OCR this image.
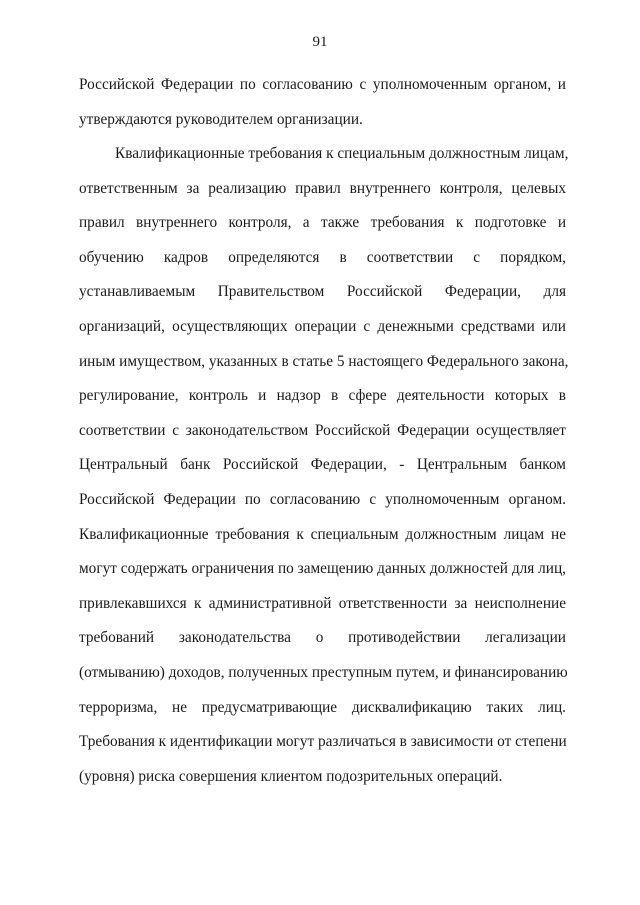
91
Российской Федерации по согласованию с уполномоченным органом, и
утверждаются руководителем организации.
Квалификационные требования к специальным должностным лицам,
ответственным за реализацию правил внутреннего контроля, целевых
правил внутреннего контроля, а также требования к подготовке и
обучению кадров определяются в соответствии с порядком,
устанавливаемым Правительством Российской Федерации, для
организаций, осуществляющих операции с денежными средствами или
иным имуществом, указанных в статье 5 настоящего Федерального закона,
регулирование, контроль и надзор в сфере деятельности которых в
соответствии с законодательством Российской Федерации осуществляет
Центральный банк Российской Федерации, - Центральным банком
Российской Федерации по согласованию с уполномоченным органом.
Квалификационные требования к специальным должностным лицам не
могут содержать ограничения по замещению данных должностей для лиц,
привлекавшихся к административной ответственности за неисполнение
требований законодательства о противодействии легализации
(отмыванию) доходов, полученных преступным путем, и финансированию
терроризма, не предусматривающие дисквалификацию таких лиц.
Требования к идентификации могут различаться в зависимости от степени
(уровня) риска совершения клиентом подозрительных операций.
